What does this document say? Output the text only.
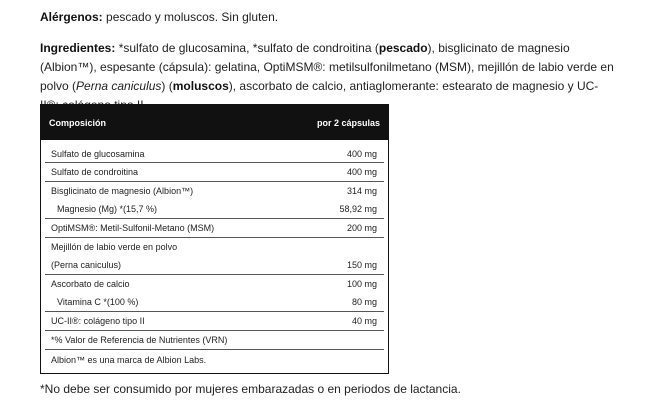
Alérgenos: pescado y moluscos. Sin gluten.

Ingredientes: *sulfato de glucosamina, *sulfato de condroitina (pescado), bisglicinato de magnesio (Albion™), espesante (cápsula): gelatina, OptiMSM®: metilsulfonilmetano (MSM), mejillón de labio verde en polvo (Perna caniculus) (moluscos), ascorbato de calcio, antiaglomerante: estearato de magnesio y UC-

Composición	por 2 cápsulas
Sulfato de glucosamina	400 mg
Sulfato de condroitina	400 mg
Bisglicinato de magnesio (Albion™)	314 mg
Magnesio (Mg) *(15,7 %)	58,92 mg
OptiMSM®: Metil-Sulfonil-Metano (MSM)	200 mg
Mejillón de labio verde en polvo
(Perna caniculus)	150 mg
Ascorbato de calcio	100 mg
Vitamina C *(100 %)	80 mg
UC-II®: colágeno tipo II	40 mg
*% Valor de Referencia de Nutrientes (VRN)
Albion™ es una marca de Albion Labs.

*No debe ser consumido por mujeres embarazadas o en periodos de lactancia.
